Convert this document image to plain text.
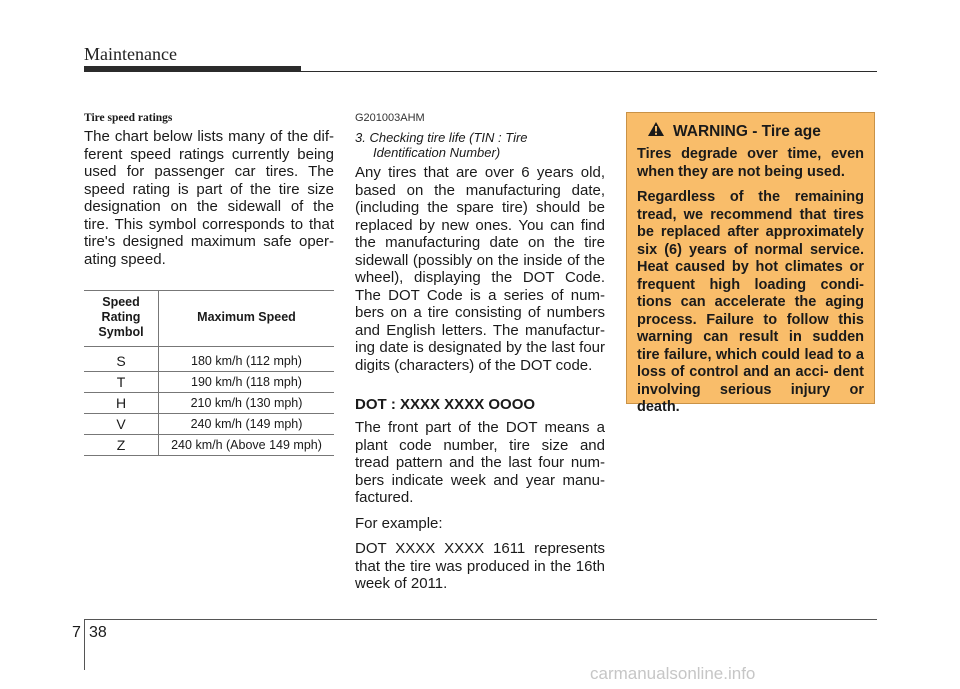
Maintenance

Tire speed ratings

The chart below lists many of the dif- ferent speed ratings currently being used for passenger car tires. The speed rating is part of the tire size designation on the sidewall of the tire. This symbol corresponds to that tire's designed maximum safe oper- ating speed.

Speed Rating Symbol	Maximum Speed
S	180 km/h (112 mph)
T	190 km/h (118 mph)
H	210 km/h (130 mph)
V	240 km/h (149 mph)
Z	240 km/h (Above 149 mph)

G201003AHM

3. Checking tire life (TIN : Tire
Identification Number)

Any tires that are over 6 years old, based on the manufacturing date, (including the spare tire) should be replaced by new ones. You can find the manufacturing date on the tire sidewall (possibly on the inside of the wheel), displaying the DOT Code. The DOT Code is a series of num- bers on a tire consisting of numbers and English letters. The manufactur- ing date is designated by the last four digits (characters) of the DOT code.

DOT : XXXX XXXX OOOO

The front part of the DOT means a plant code number, tire size and tread pattern and the last four num- bers indicate week and year manu- factured.

For example:

DOT XXXX XXXX 1611 represents that the tire was produced in the 16th week of 2011.

WARNING - Tire age

Tires degrade over time, even when they are not being used.

Regardless of the remaining tread, we recommend that tires be replaced after approximately six (6) years of normal service. Heat caused by hot climates or frequent high loading condi- tions can accelerate the aging process. Failure to follow this warning can result in sudden tire failure, which could lead to a loss of control and an acci- dent involving serious injury or death.

7 38
carmanualsonline.info
